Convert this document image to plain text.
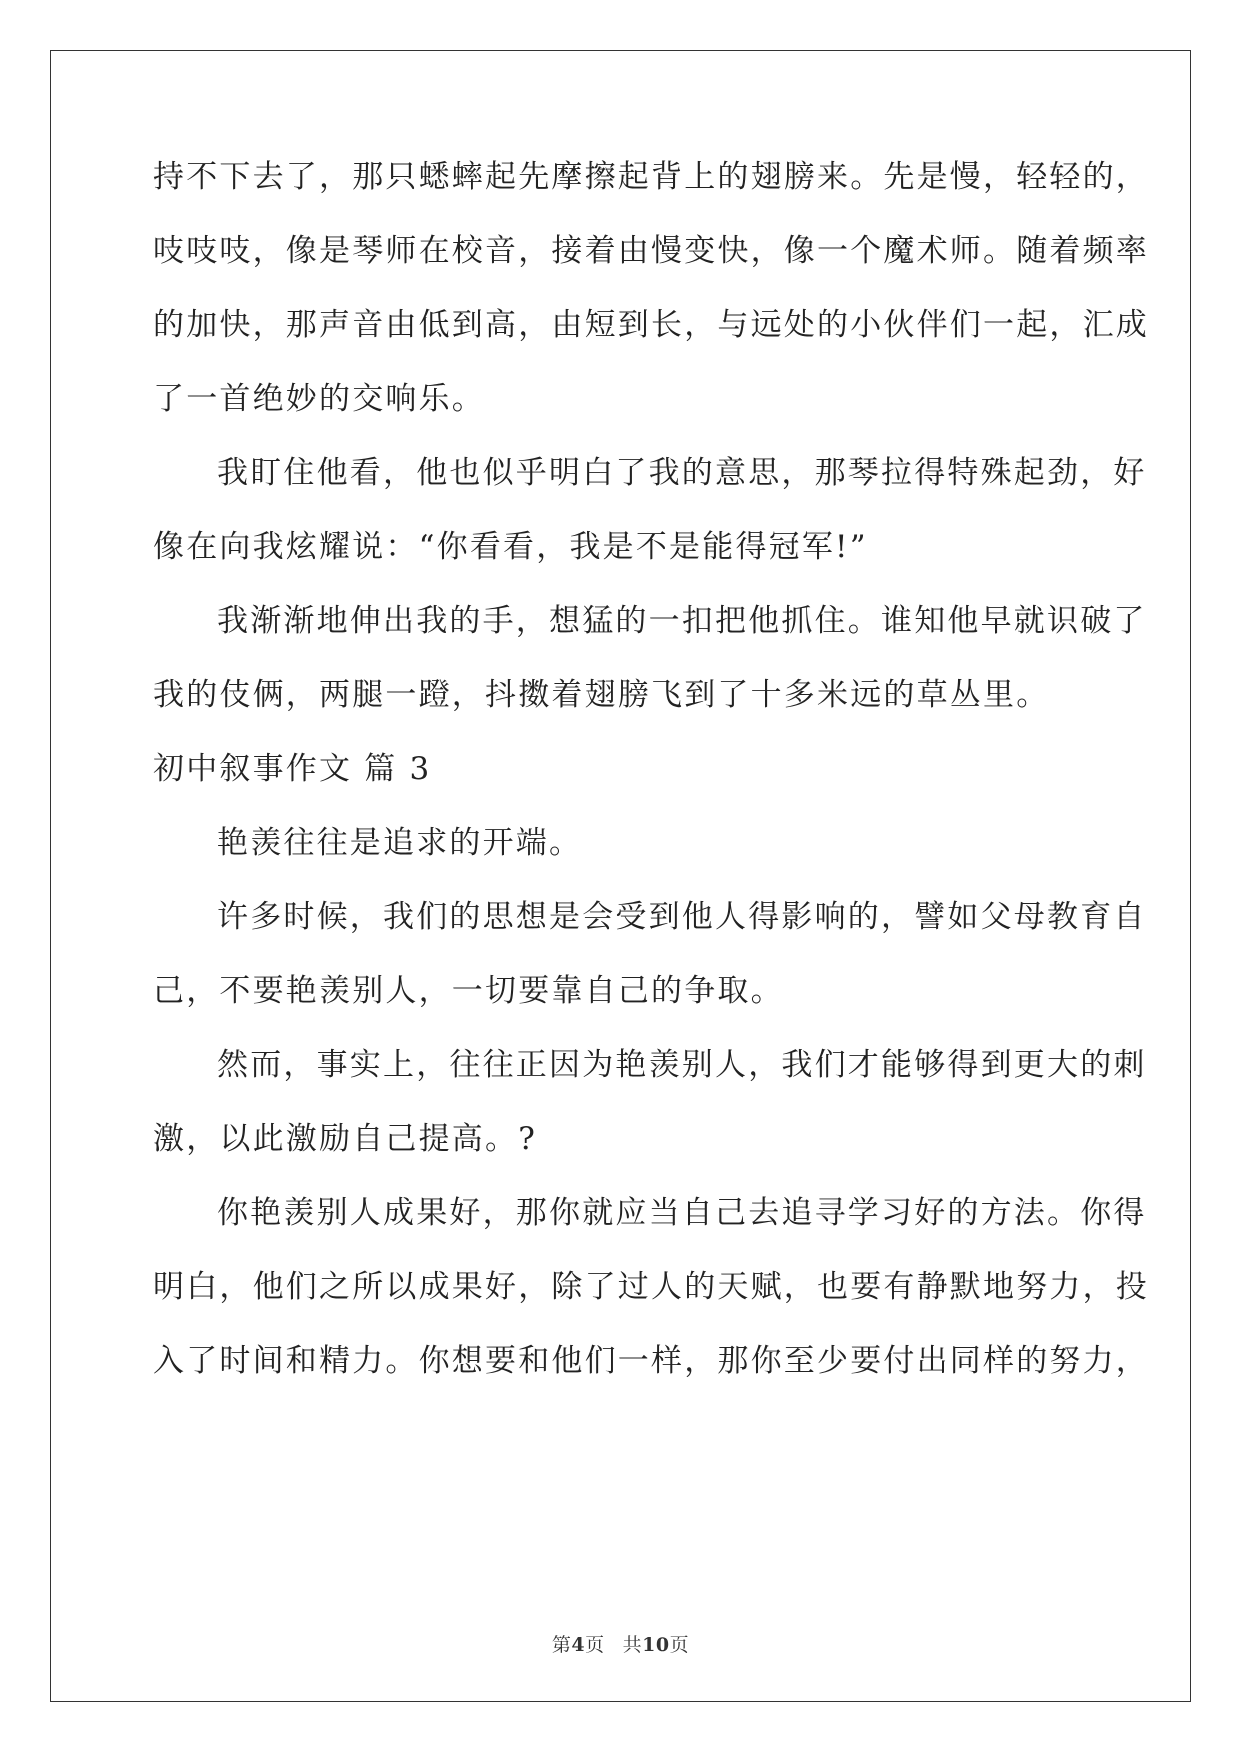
持不下去了，那只蟋蟀起先摩擦起背上的翅膀来。先是慢，轻轻的，
吱吱吱，像是琴师在校音，接着由慢变快，像一个魔术师。随着频率
的加快，那声音由低到高，由短到长，与远处的小伙伴们一起，汇成
了一首绝妙的交响乐。
我盯住他看，他也似乎明白了我的意思，那琴拉得特殊起劲，好
像在向我炫耀说：“你看看，我是不是能得冠军!”
我渐渐地伸出我的手，想猛的一扣把他抓住。谁知他早就识破了
我的伎俩，两腿一蹬，抖擞着翅膀飞到了十多米远的草丛里。
初中叙事作文 篇 3
艳羡往往是追求的开端。
许多时候，我们的思想是会受到他人得影响的，譬如父母教育自
己，不要艳羡别人，一切要靠自己的争取。
然而，事实上，往往正因为艳羡别人，我们才能够得到更大的刺
激，以此激励自己提高。?
你艳羡别人成果好，那你就应当自己去追寻学习好的方法。你得
明白，他们之所以成果好，除了过人的天赋，也要有静默地努力，投
入了时间和精力。你想要和他们一样，那你至少要付出同样的努力，
第4页 共10页
